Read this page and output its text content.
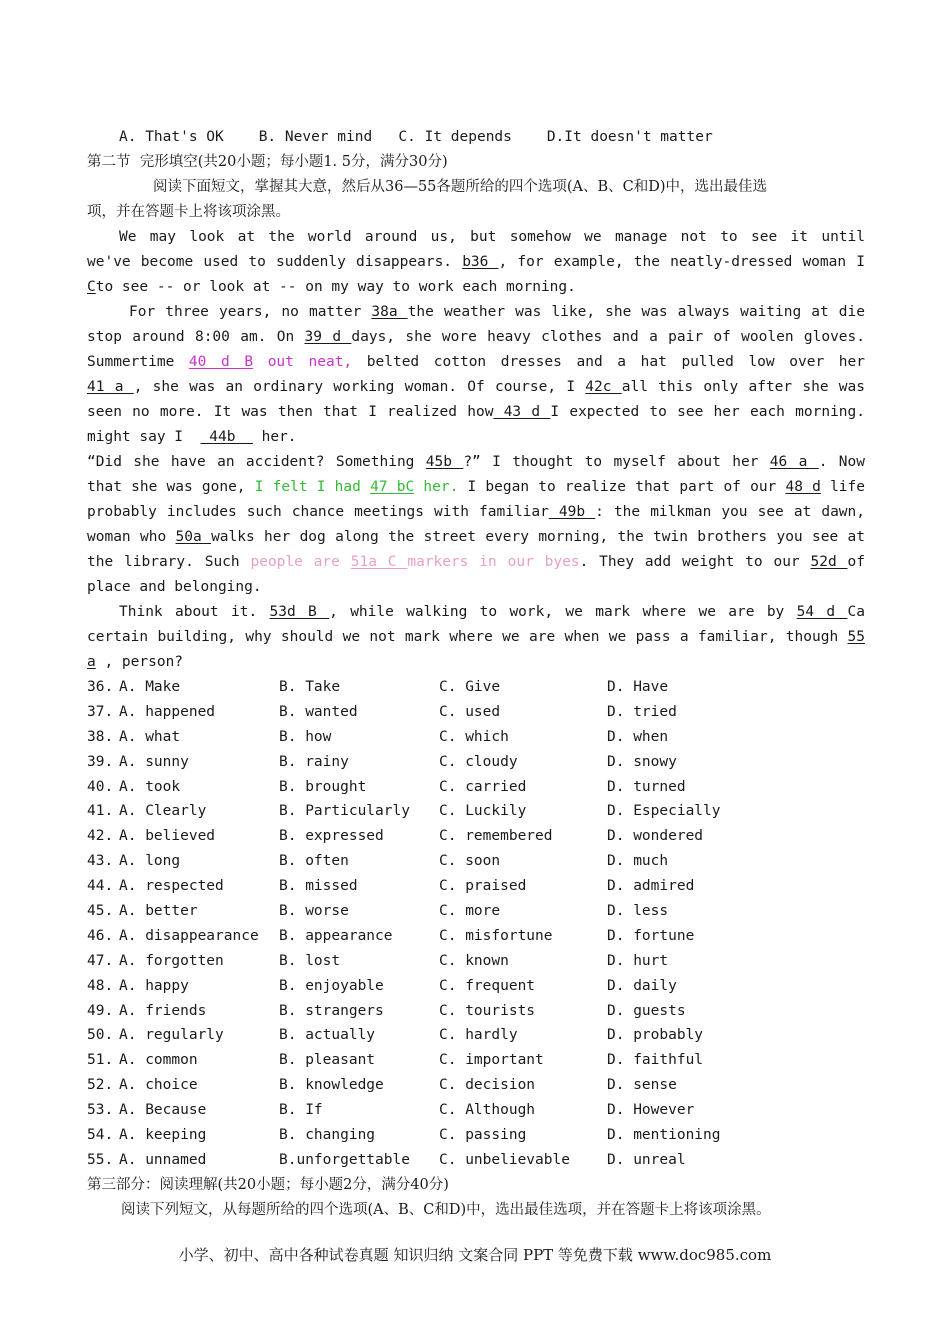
A. That's OK B. Never mind C. It depends D.It doesn't matter
第二节  完形填空(共20小题；每小题1. 5分，满分30分)
阅读下面短文，掌握其大意，然后从36—55各题所给的四个选项(A、B、C和D)中，选出最佳选
项，并在答题卡上将该项涂黑。
We may look at the world around us, but somehow we manage not to see it until
we've become used to suddenly disappears. b36 , for example, the neatly-dressed woman I
Cto see -- or look at -- on my way to work each morning.
For three years, no matter 38a the weather was like, she was always waiting at die
stop around 8:00 am. On 39 d days, she wore heavy clothes and a pair of woolen gloves.
Summertime 40 d B out neat, belted cotton dresses and a hat pulled low over her
41 a , she was an ordinary working woman. Of course, I 42c all this only after she was
seen no more. It was then that I realized how 43 d I expected to see her each morning.
might say I   44b   her.
“Did she have an accident? Something 45b ?” I thought to myself about her 46 a . Now
that she was gone, I felt I had 47 bC her. I began to realize that part of our 48 d life
probably includes such chance meetings with familiar 49b : the milkman you see at dawn,
woman who 50a walks her dog along the street every morning, the twin brothers you see at
the library. Such people are 51a C markers in our byes. They add weight to our 52d of
place and belonging.
Think about it. 53d B , while walking to work, we mark where we are by 54 d Ca
certain building, why should we not mark where we are when we pass a familiar, though 55
a , person?
36. A. Make	B. Take	C. Give	D. Have
37. A. happened	B. wanted	C. used	D. tried
38. A. what	B. how	C. which	D. when
39. A. sunny	B. rainy	C. cloudy	D. snowy
40. A. took	B. brought	C. carried	D. turned
41. A. Clearly	B. Particularly	C. Luckily	D. Especially
42. A. believed	B. expressed	C. remembered	D. wondered
43. A. long	B. often	C. soon	D. much
44. A. respected	B. missed	C. praised	D. admired
45. A. better	B. worse	C. more	D. less
46. A. disappearance	B. appearance	C. misfortune	D. fortune
47. A. forgotten	B. lost	C. known	D. hurt
48. A. happy	B. enjoyable	C. frequent	D. daily
49. A. friends	B. strangers	C. tourists	D. guests
50. A. regularly	B. actually	C. hardly	D. probably
51. A. common	B. pleasant	C. important	D. faithful
52. A. choice	B. knowledge	C. decision	D. sense
53. A. Because	B. If	C. Although	D. However
54. A. keeping	B. changing	C. passing	D. mentioning
55. A. unnamed	B.unforgettable	C. unbelievable	D. unreal
第三部分：阅读理解(共20小题；每小题2分，满分40分)
阅读下列短文，从每题所给的四个选项(A、B、C和D)中，选出最佳选项，并在答题卡上将该项涂黑。
小学、初中、高中各种试卷真题 知识归纳 文案合同 PPT 等免费下载 www.doc985.com
